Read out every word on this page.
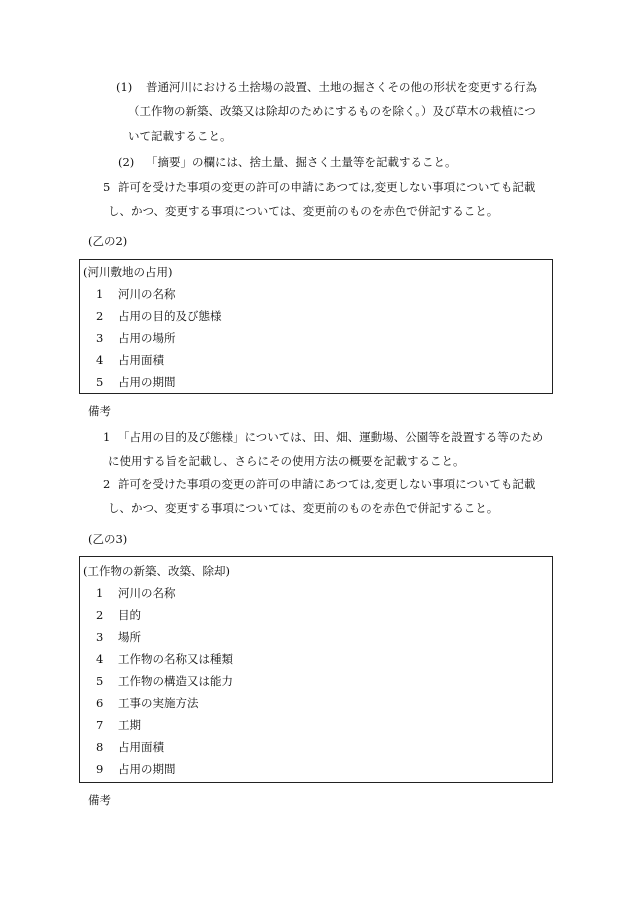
(1) 普通河川における土捨場の設置、土地の掘さくその他の形状を変更する行為
（工作物の新築、改築又は除却のためにするものを除く。）及び草木の栽植につ
いて記載すること。
(2) 「摘要」の欄には、捨土量、掘さく土量等を記載すること。
5 許可を受けた事項の変更の許可の申請にあつては,変更しない事項についても記載
し、かつ、変更する事項については、変更前のものを赤色で併記すること。
(乙の2)
(河川敷地の占用)
1 河川の名称
2 占用の目的及び態様
3 占用の場所
4 占用面積
5 占用の期間
備考
1 「占用の目的及び態様」については、田、畑、運動場、公園等を設置する等のため
に使用する旨を記載し、さらにその使用方法の概要を記載すること。
2 許可を受けた事項の変更の許可の申請にあつては,変更しない事項についても記載
し、かつ、変更する事項については、変更前のものを赤色で併記すること。
(乙の3)
(工作物の新築、改築、除却)
1 河川の名称
2 目的
3 場所
4 工作物の名称又は種類
5 工作物の構造又は能力
6 工事の実施方法
7 工期
8 占用面積
9 占用の期間
備考
